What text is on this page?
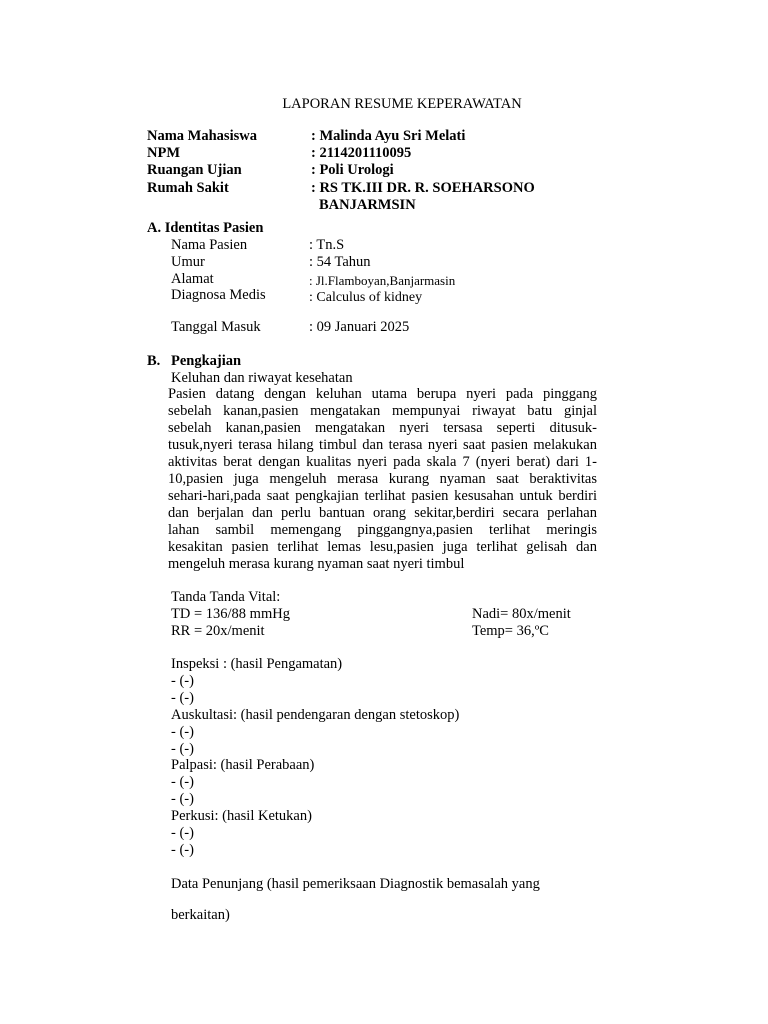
LAPORAN RESUME KEPERAWATAN
Nama Mahasiswa	: Malinda Ayu Sri Melati
NPM	: 2114201110095
Ruangan Ujian	: Poli Urologi
Rumah Sakit	: RS TK.III DR. R. SOEHARSONO
BANJARMSIN
A. Identitas Pasien
Nama Pasien	: Tn.S
Umur	: 54 Tahun
Alamat	: Jl.Flamboyan,Banjarmasin
Diagnosa Medis	: Calculus of kidney
Tanggal Masuk	: 09 Januari 2025
B. Pengkajian
Keluhan dan riwayat kesehatan
Pasien datang dengan keluhan utama berupa nyeri pada pinggang
sebelah kanan,pasien mengatakan mempunyai riwayat batu ginjal
sebelah kanan,pasien mengatakan nyeri tersasa seperti ditusuk-
tusuk,nyeri terasa hilang timbul dan terasa nyeri saat pasien melakukan
aktivitas berat dengan kualitas nyeri pada skala 7 (nyeri berat) dari 1-
10,pasien juga mengeluh merasa kurang nyaman saat beraktivitas
sehari-hari,pada saat pengkajian terlihat pasien kesusahan untuk berdiri
dan berjalan dan perlu bantuan orang sekitar,berdiri secara perlahan
lahan sambil memengang pinggangnya,pasien terlihat meringis
kesakitan pasien terlihat lemas lesu,pasien juga terlihat gelisah dan
mengeluh merasa kurang nyaman saat nyeri timbul
Tanda Tanda Vital:
TD = 136/88 mmHg	Nadi= 80x/menit
RR = 20x/menit	Temp= 36,ºC
Inspeksi : (hasil Pengamatan)
- (-)
- (-)
Auskultasi: (hasil pendengaran dengan stetoskop)
- (-)
- (-)
Palpasi: (hasil Perabaan)
- (-)
- (-)
Perkusi: (hasil Ketukan)
- (-)
- (-)
Data Penunjang (hasil pemeriksaan Diagnostik bemasalah yang
berkaitan)
